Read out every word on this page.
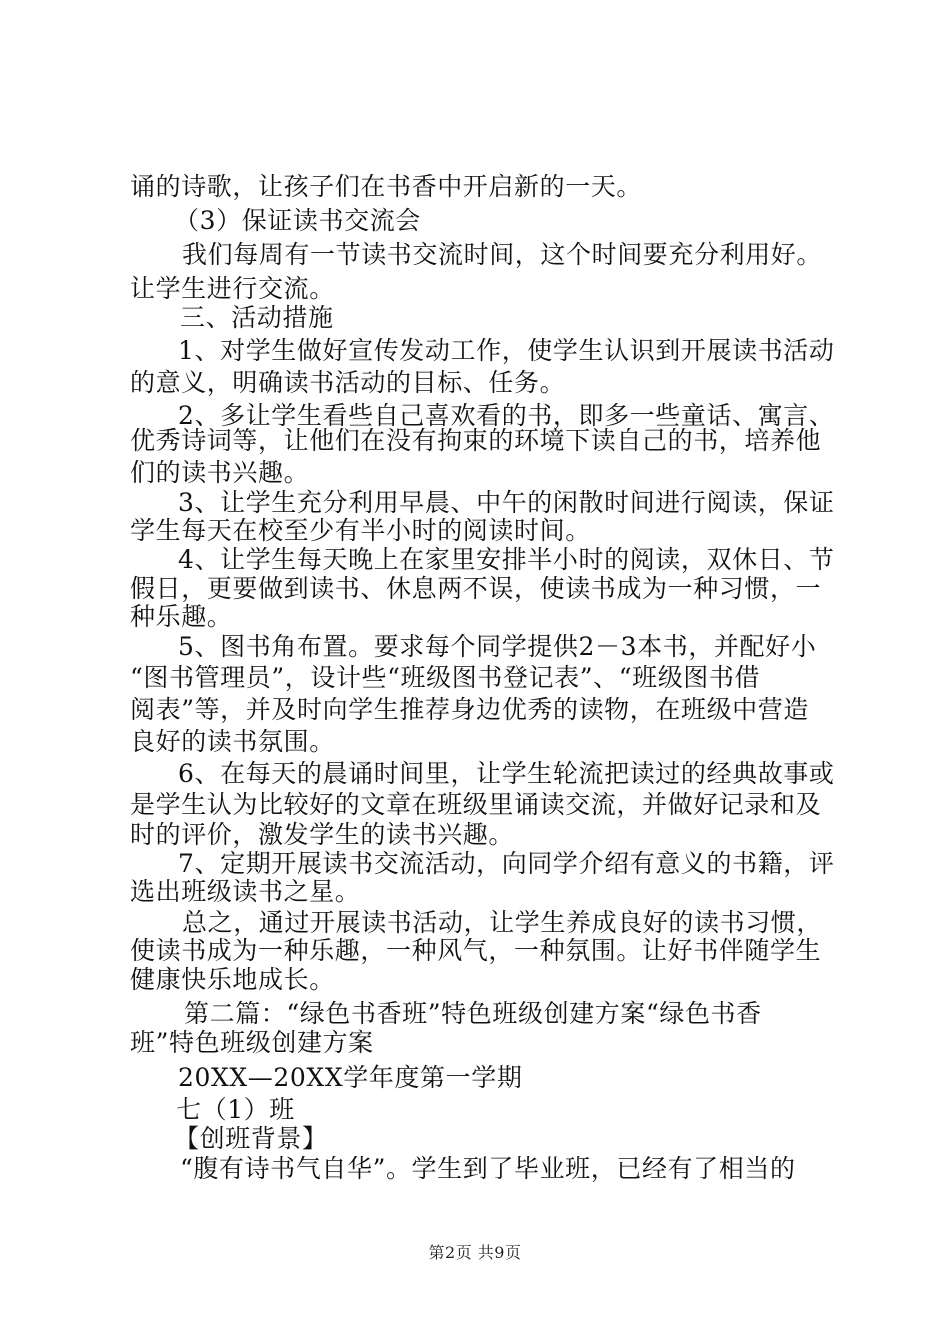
诵的诗歌，让孩子们在书香中开启新的一天。
（3）保证读书交流会
我们每周有一节读书交流时间，这个时间要充分利用好。
让学生进行交流。
三、活动措施
1、对学生做好宣传发动工作，使学生认识到开展读书活动
的意义，明确读书活动的目标、任务。
2、多让学生看些自己喜欢看的书，即多一些童话、寓言、
优秀诗词等，让他们在没有拘束的环境下读自己的书，培养他
们的读书兴趣。
3、让学生充分利用早晨、中午的闲散时间进行阅读，保证
学生每天在校至少有半小时的阅读时间。
4、让学生每天晚上在家里安排半小时的阅读，双休日、节
假日，更要做到读书、休息两不误，使读书成为一种习惯，一
种乐趣。
5、图书角布置。要求每个同学提供2－3本书，并配好小
“图书管理员”，设计些“班级图书登记表”、“班级图书借
阅表”等，并及时向学生推荐身边优秀的读物，在班级中营造
良好的读书氛围。
6、在每天的晨诵时间里，让学生轮流把读过的经典故事或
是学生认为比较好的文章在班级里诵读交流，并做好记录和及
时的评价，激发学生的读书兴趣。
7、定期开展读书交流活动，向同学介绍有意义的书籍，评
选出班级读书之星。
总之，通过开展读书活动，让学生养成良好的读书习惯，
使读书成为一种乐趣，一种风气，一种氛围。让好书伴随学生
健康快乐地成长。
第二篇：“绿色书香班”特色班级创建方案“绿色书香
班”特色班级创建方案
20XX—20XX学年度第一学期
七（1）班
【创班背景】
“腹有诗书气自华”。学生到了毕业班，已经有了相当的
第2页 共9页
